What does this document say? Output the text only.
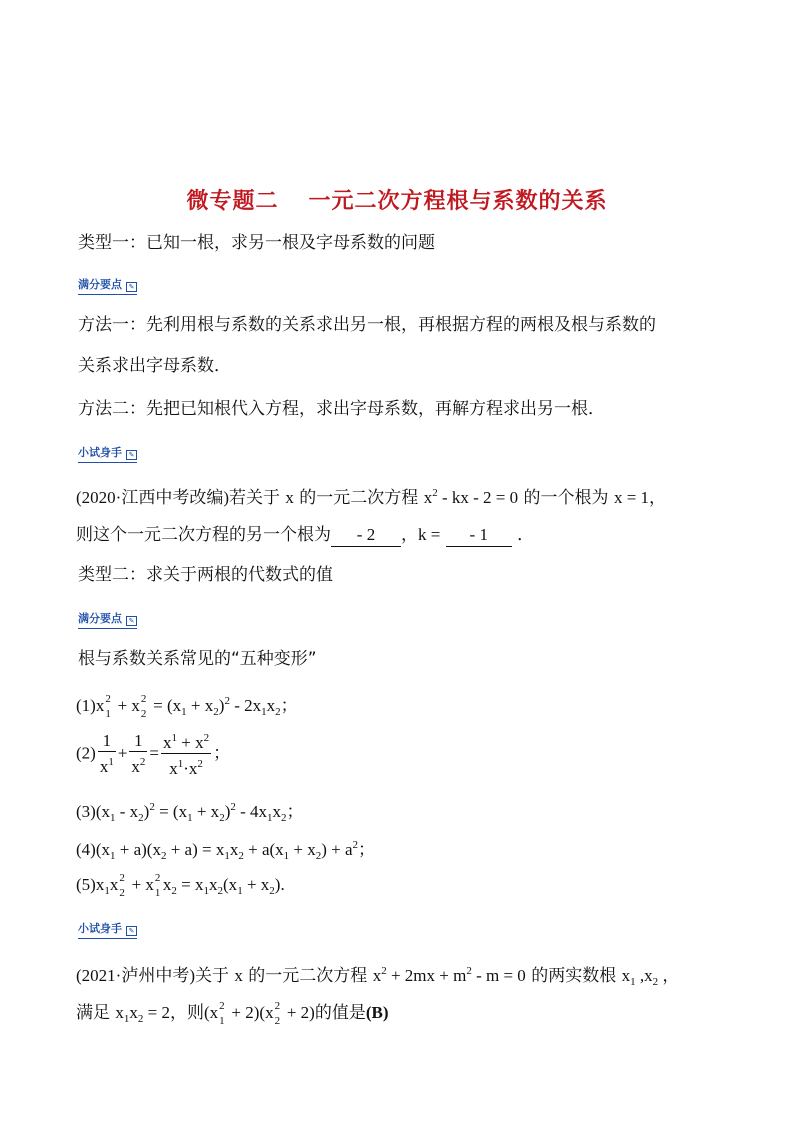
微专题二 一元二次方程根与系数的关系
类型一：已知一根，求另一根及字母系数的问题
满分要点 ✎
方法一：先利用根与系数的关系求出另一根，再根据方程的两根及根与系数的
关系求出字母系数．
方法二：先把已知根代入方程，求出字母系数，再解方程求出另一根．
小试身手 ✎
(2020·江西中考改编)若关于 x 的一元二次方程 $x^2$ - kx - 2 = 0 的一个根为 x = 1，
则这个一元二次方程的另一个根为 - 2 ，k = - 1 ．
类型二：求关于两根的代数式的值
满分要点 ✎
根与系数关系常见的“五种变形”
(1)x 2
1 + x 2
$2 = (x_1 + x_2)^2 - 2x_1x_2$；
$(2) \frac{1}{x^1} + \frac{1}{x^2} = \frac{x^1 + x^2}{x^1\cdot x^2}$ ；
$(3)(x_1 - x_2)^2 = (x_1 + x_2)^2 - 4x_1x_2$；
$(4)(x_1 + a)(x_2 + a) = x_1x_2 + a(x_1 + x_2) + a^2$；
$(5)x_1x$ 2
2 + x 2
1 $x_2 = x_1x_2(x_1 + x_2)$.
小试身手 ✎
(2021·泸州中考)关于 x 的一元二次方程 $x^2 + 2mx + m^2 - m = 0$ 的两实数根 $x_1$ $,x_2$ ，
满足 $x_1x_2 = 2$，则(x 2
1 + 2)(x 2
2 + 2)的值是(B)
